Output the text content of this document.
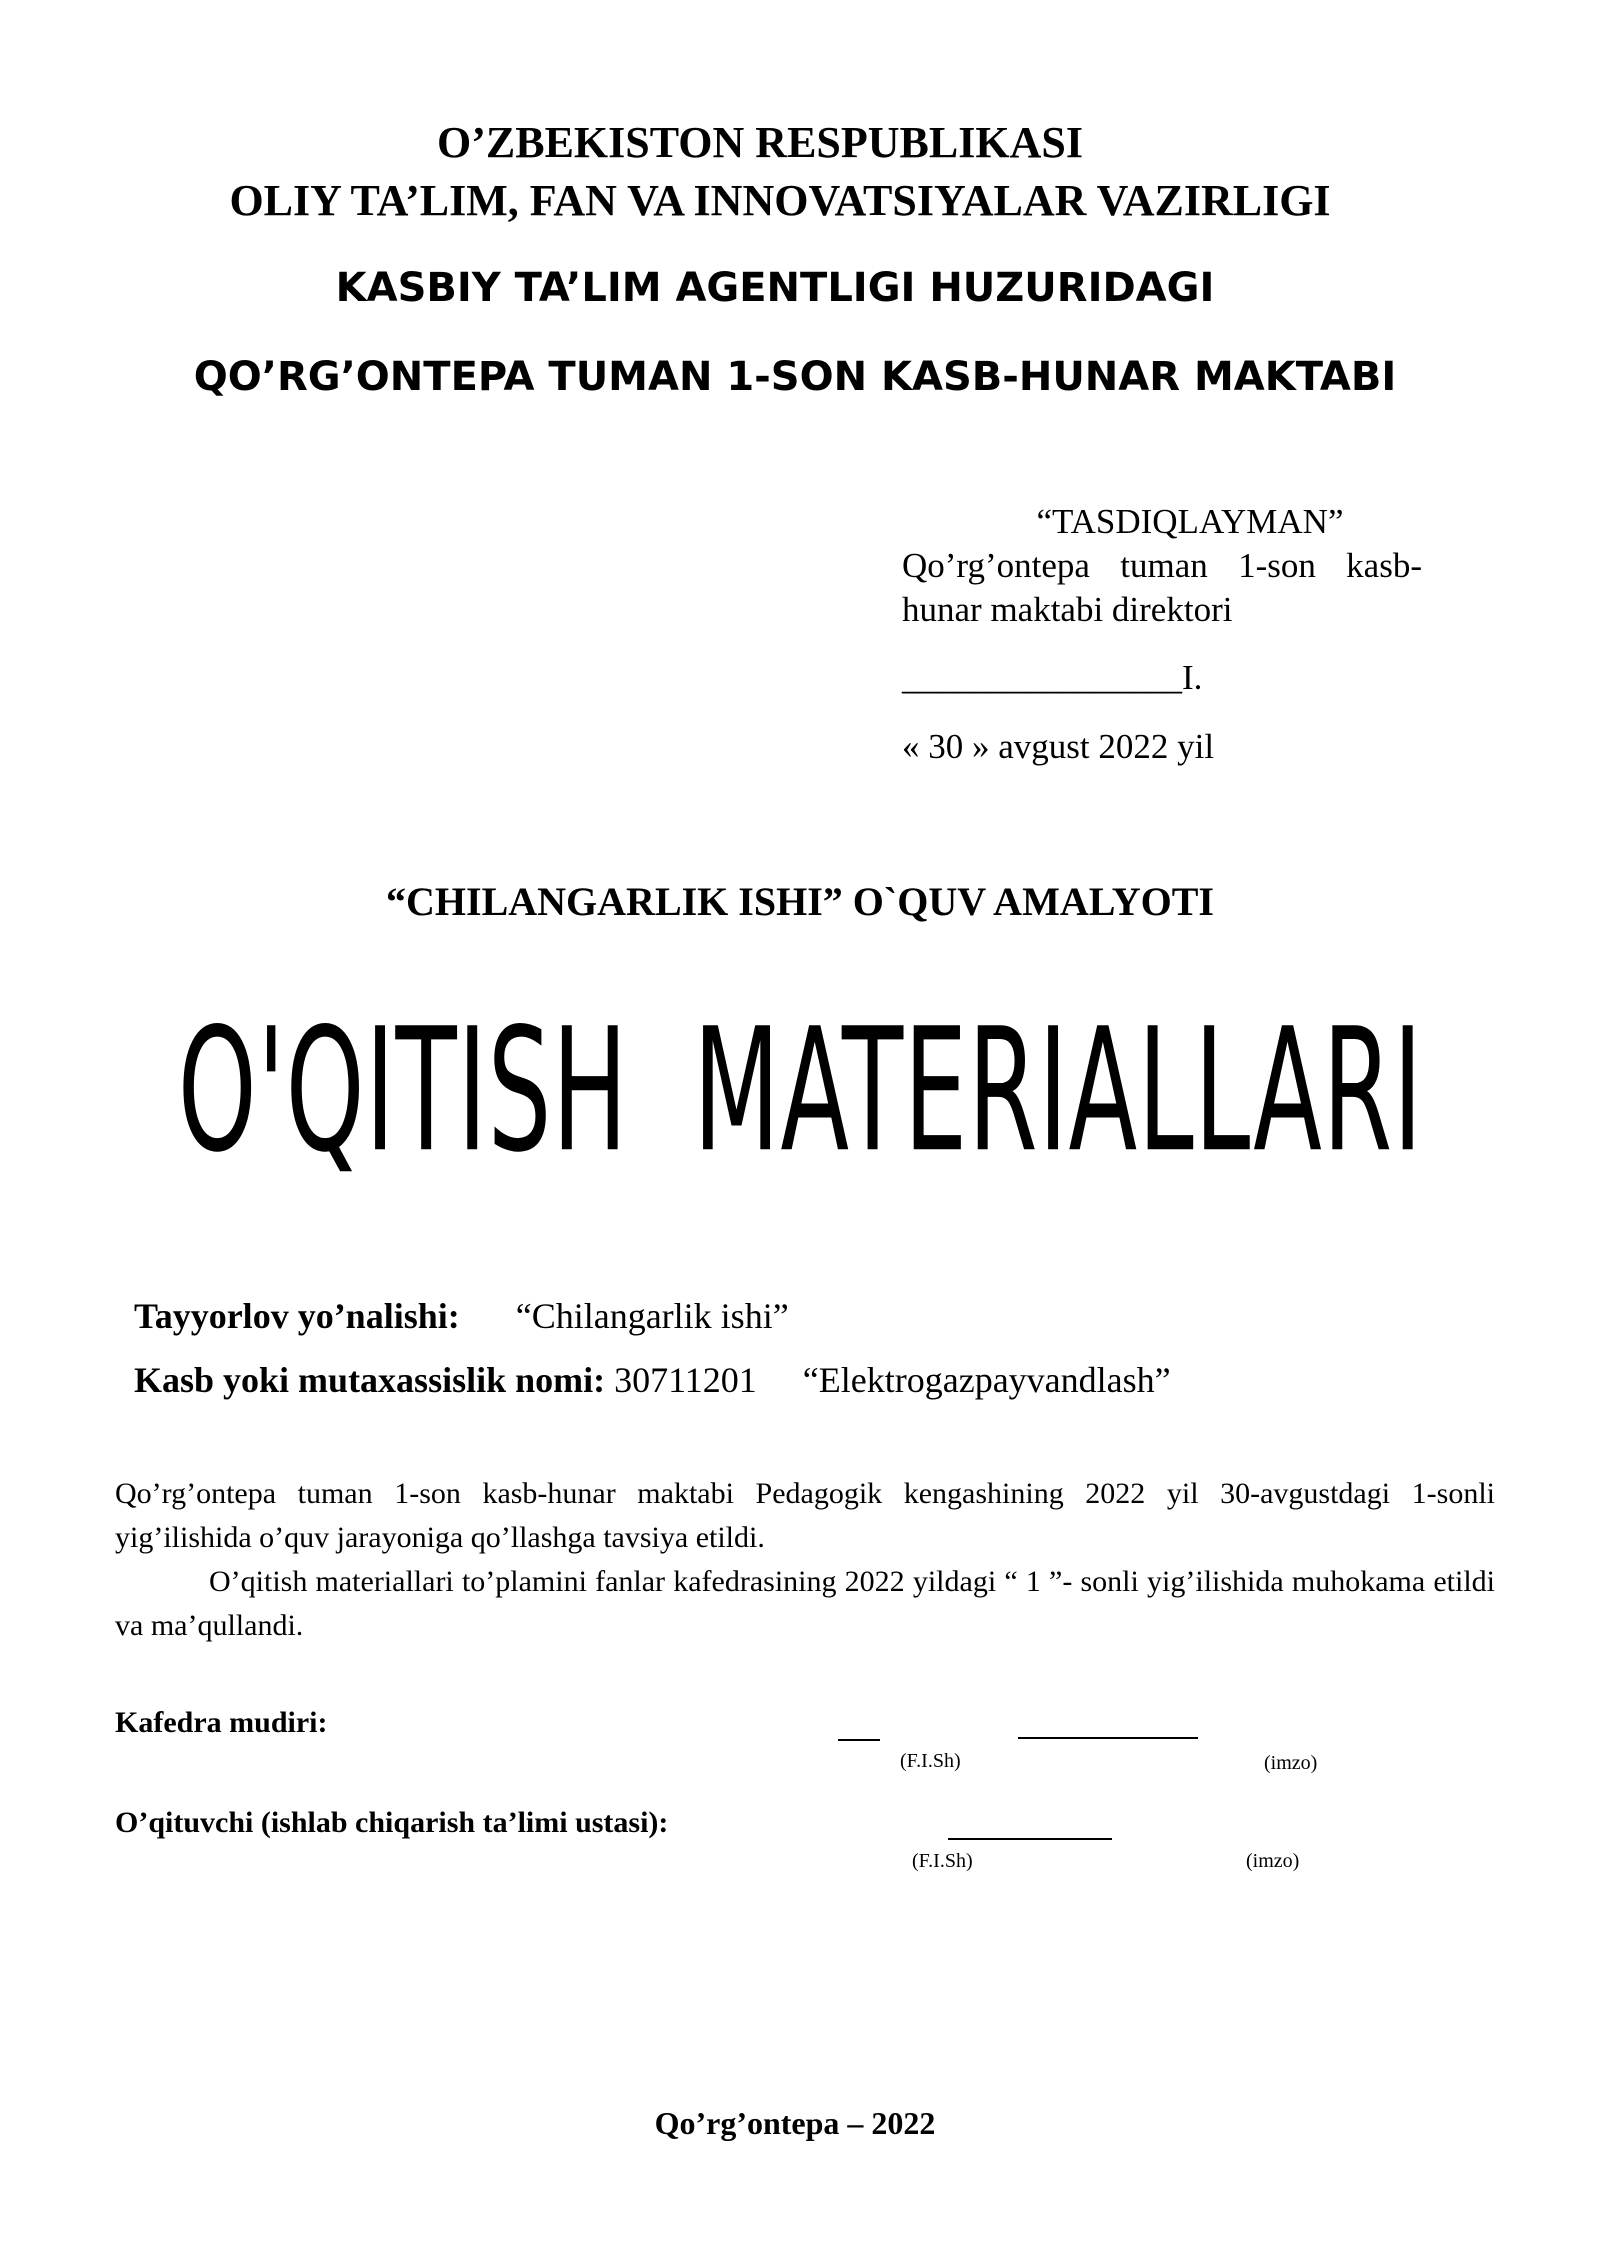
O’ZBEKISTON RESPUBLIKASI
OLIY TA’LIM, FAN VA INNOVATSIYALAR VAZIRLIGI
KASBIY TA’LIM AGENTLIGI HUZURIDAGI
QO’RG’ONTEPA TUMAN 1-SON KASB-HUNAR MAKTABI
“TASDIQLAYMAN”
Qo’rg’ontepa tuman 1-son kasb-hunar maktabi direktori
________________I.
« 30 » avgust 2022 yil
“CHILANGARLIK ISHI” O`QUV AMALYOTI
O'QITISH  MATERIALLARI
Tayyorlov yo’nalishi: “Chilangarlik ishi”
Kasb yoki mutaxassislik nomi: 30711201 “Elektrogazpayvandlash”
Qo’rg’ontepa tuman 1-son kasb-hunar maktabi Pedagogik kengashining 2022 yil 30-avgustdagi 1-sonli yig’ilishida o’quv jarayoniga qo’llashga tavsiya etildi.
O’qitish materiallari to’plamini fanlar kafedrasining 2022 yildagi “ 1 ”- sonli yig’ilishida muhokama etildi va ma’qullandi.
Kafedra mudiri:
(F.I.Sh)	(imzo)
O’qituvchi (ishlab chiqarish ta’limi ustasi):
(F.I.Sh)	(imzo)
Qo’rg’ontepa – 2022
